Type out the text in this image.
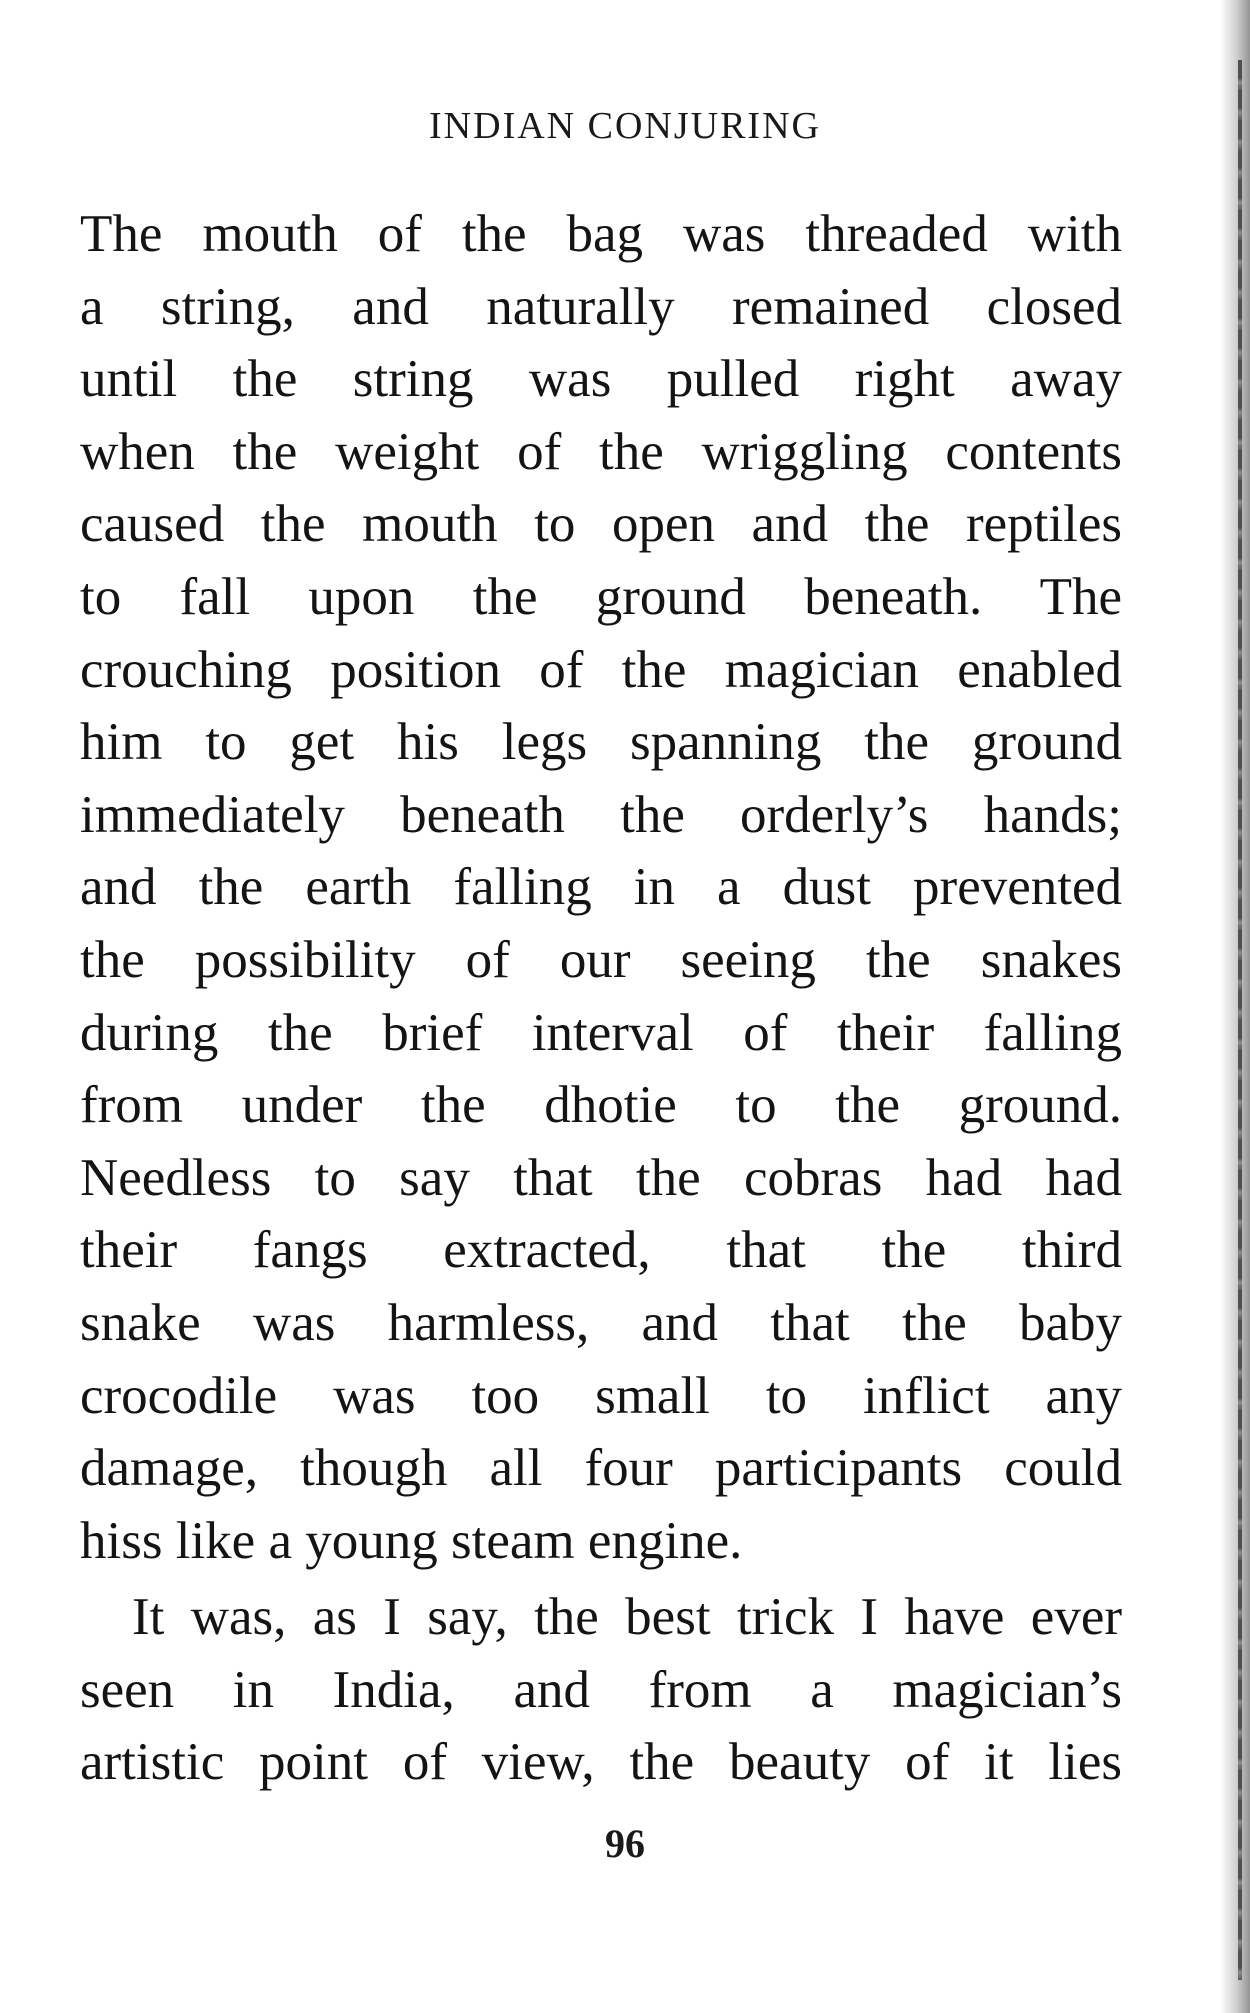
INDIAN CONJURING
The mouth of the bag was threaded with
a string, and naturally remained closed
until the string was pulled right away
when the weight of the wriggling contents
caused the mouth to open and the reptiles
to fall upon the ground beneath. The
crouching position of the magician enabled
him to get his legs spanning the ground
immediately beneath the orderly’s hands;
and the earth falling in a dust prevented
the possibility of our seeing the snakes
during the brief interval of their falling
from under the dhotie to the ground.
Needless to say that the cobras had had
their fangs extracted, that the third
snake was harmless, and that the baby
crocodile was too small to inflict any
damage, though all four participants could
hiss like a young steam engine.
It was, as I say, the best trick I have ever
seen in India, and from a magician’s
artistic point of view, the beauty of it lies
96
